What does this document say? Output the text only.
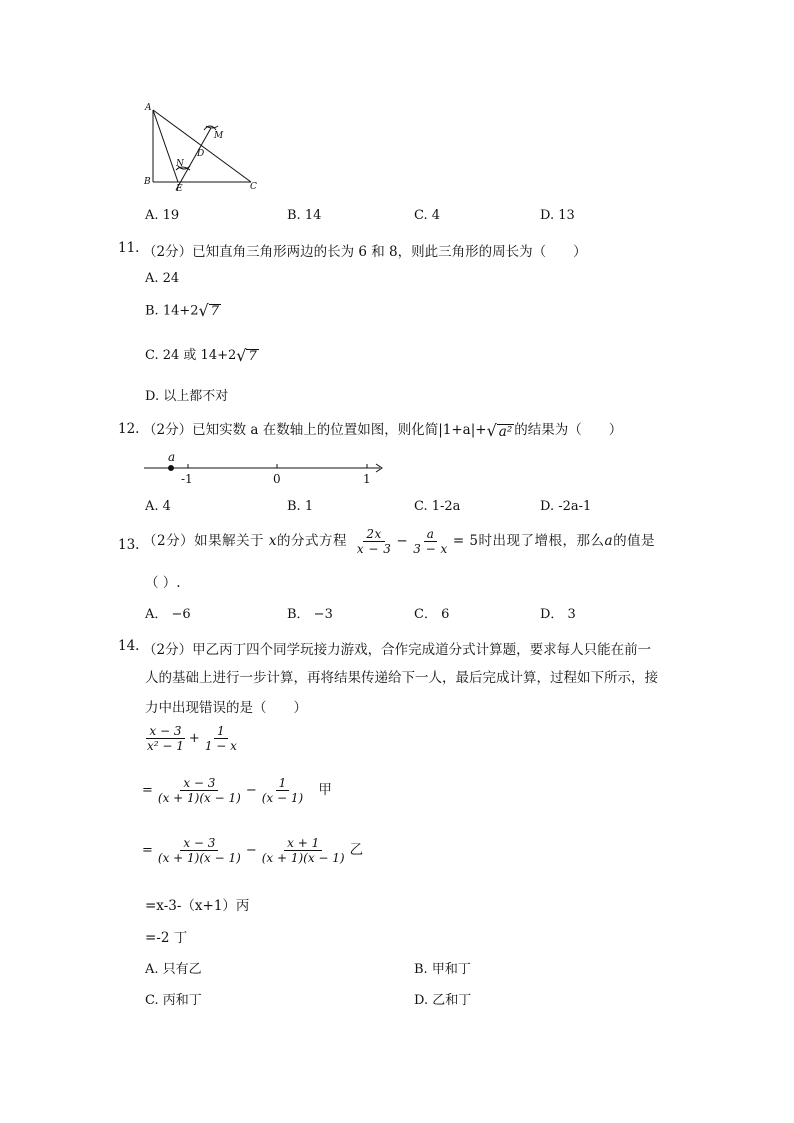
A
B	C
D
E
M
N
A. 19	B. 14	C. 4	D. 13
11. （2分）已知直角三角形两边的长为 6 和 8，则此三角形的周长为（　　）
A. 24
B. 14+2 √ 7
C. 24 或 14+2 √ 7
D. 以上都不对
12. （2分）已知实数 a 在数轴上的位置如图，则化简|1+a|+ √ a² 的结果为（　　）
a
-1	0	1
A. 4	B. 1	C. 1-2a	D. -2a-1
13. （2分）如果解关于 x的分式方程 $\frac{2x}{x - 3} - \frac{a}{3 - x} = 5$时出现了增根，那么a的值是
（ ）.
A． −6	B． −3	C． 6	D． 3
14. （2分）甲乙丙丁四个同学玩接力游戏，合作完成道分式计算题，要求每人只能在前一
人的基础上进行一步计算，再将结果传递给下一人，最后完成计算，过程如下所示，接
力中出现错误的是（　　）
$\frac{x - 3}{\text{x² − 1}} + \frac{1}{1 - x}$
= $\frac{x - 3}{(x + 1)(x - 1)} - \frac{1}{(x - 1)}$ 甲
= $\frac{x - 3}{(x + 1)(x - 1)} - \frac{x + 1}{(x + 1)(x - 1)}$ 乙
=x-3-（x+1）丙
=-2 丁
A. 只有乙	B. 甲和丁
C. 丙和丁	D. 乙和丁
